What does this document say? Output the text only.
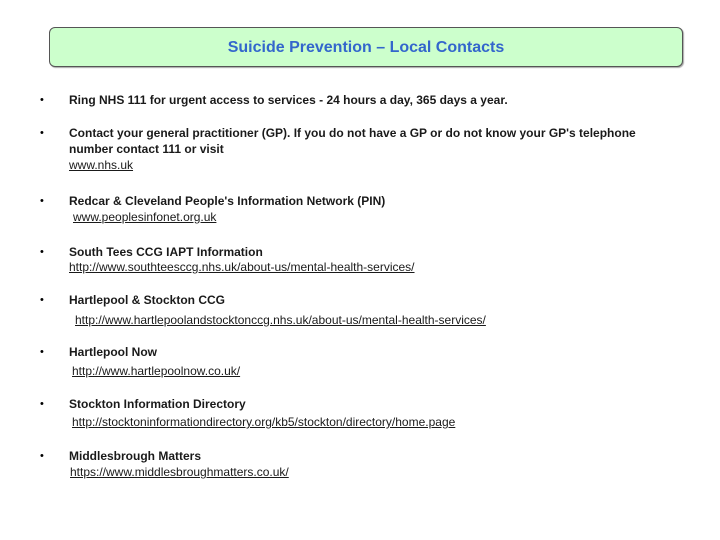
Suicide Prevention – Local Contacts
• Ring NHS 111 for urgent access to services - 24 hours a day, 365 days a year.
• Contact your general practitioner (GP). If you do not have a GP or do not know your GP's telephone number contact 111 or visit
www.nhs.uk
• Redcar & Cleveland People's Information Network (PIN)
www.peoplesinfonet.org.uk
• South Tees CCG IAPT Information
http://www.southteesccg.nhs.uk/about-us/mental-health-services/
• Hartlepool & Stockton CCG
http://www.hartlepoolandstocktonccg.nhs.uk/about-us/mental-health-services/
• Hartlepool Now
http://www.hartlepoolnow.co.uk/
• Stockton Information Directory
http://stocktoninformationdirectory.org/kb5/stockton/directory/home.page
• Middlesbrough Matters
https://www.middlesbroughmatters.co.uk/
